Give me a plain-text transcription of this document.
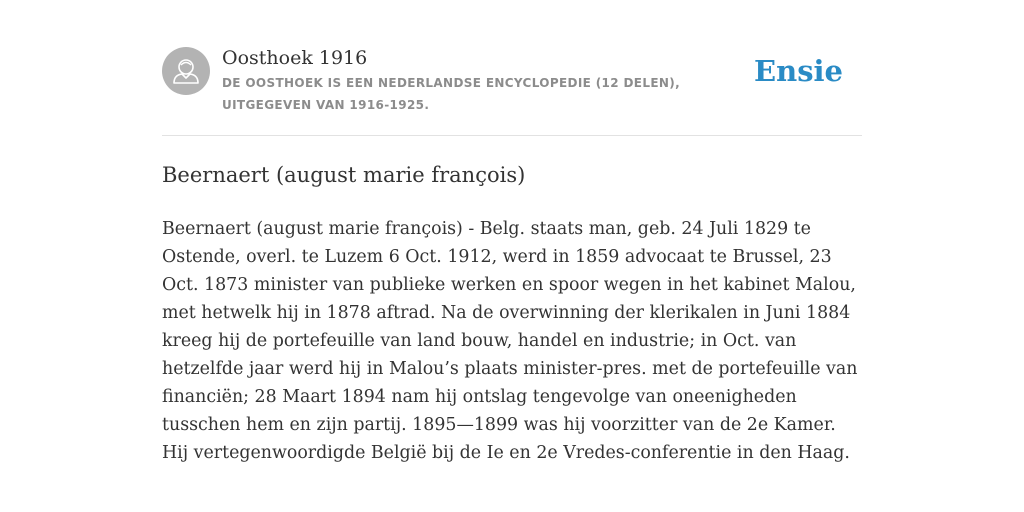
Oosthoek 1916

DE OOSTHOEK IS EEN NEDERLANDSE ENCYCLOPEDIE (12 DELEN), UITGEGEVEN VAN 1916-1925.

Ensie
Beernaert (august marie françois)

Beernaert (august marie françois) - Belg. staats man, geb. 24 Juli 1829 te Ostende, overl. te Luzem 6 Oct. 1912, werd in 1859 advocaat te Brussel, 23 Oct. 1873 minister van publieke werken en spoor wegen in het kabinet Malou, met hetwelk hij in 1878 aftrad. Na de overwinning der klerikalen in Juni 1884 kreeg hij de portefeuille van land bouw, handel en industrie; in Oct. van hetzelfde jaar werd hij in Malou’s plaats minister-pres. met de portefeuille van financiën; 28 Maart 1894 nam hij ontslag tengevolge van oneenigheden tusschen hem en zijn partij. 1895—1899 was hij voorzitter van de 2e Kamer. Hij vertegenwoordigde België bij de Ie en 2e Vredes-conferentie in den Haag.
